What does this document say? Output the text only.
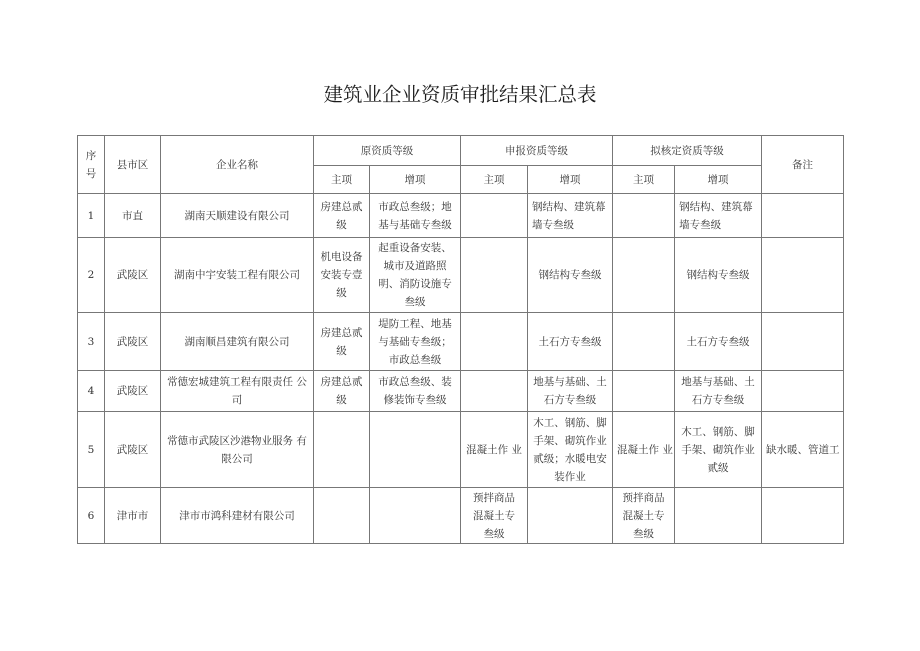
建筑业企业资质审批结果汇总表
序号	县市区	企业名称	原资质等级		申报资质等级		拟核定资质等级		备注

			主项	增项	主项	增项	主项	增项	

1	市直	湖南天顺建设有限公司	房建总贰级	市政总叁级；地基与基础专叁级		钢结构、建筑幕墙专叁级		钢结构、建筑幕墙专叁级	

2	武陵区	湖南中宇安装工程有限公司	机电设备安装专壹级	起重设备安装、城市及道路照明、消防设施专叁级		钢结构专叁级		钢结构专叁级	

3	武陵区	湖南顺昌建筑有限公司	房建总贰级	堤防工程、地基与基础专叁级；市政总叁级		土石方专叁级		土石方专叁级	

4	武陵区	常德宏城建筑工程有限责任 公司	房建总贰级	市政总叁级、装修装饰专叁级		地基与基础、土石方专叁级		地基与基础、土石方专叁级	

5	武陵区	常德市武陵区沙港物业服务 有限公司			混凝土作 业	木工、钢筋、脚手架、砌筑作业贰级；水暖电安装作业	混凝土作 业	木工、钢筋、脚手架、砌筑作业贰级	缺水暖、管道工

6	津市市	津市市鸿科建材有限公司			预拌商品混凝土专叁级		预拌商品混凝土专叁级		
